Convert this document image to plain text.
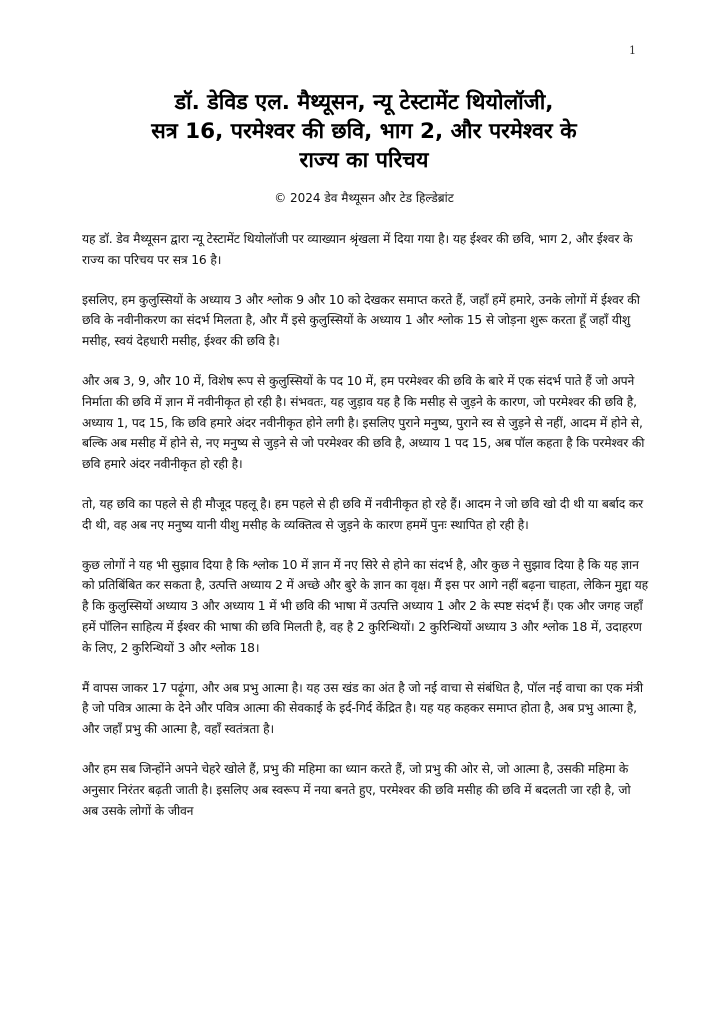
1
डॉ. डेविड एल. मैथ्यूसन, न्यू टेस्टामेंट थियोलॉजी,
सत्र 16, परमेश्वर की छवि, भाग 2, और परमेश्वर के
राज्य का परिचय
© 2024 डेव मैथ्यूसन और टेड हिल्डेब्रांट

यह डॉ. डेव मैथ्यूसन द्वारा न्यू टेस्टामेंट थियोलॉजी पर व्याख्यान श्रृंखला में दिया गया है। यह ईश्वर की छवि, भाग 2, और ईश्वर के राज्य का परिचय पर सत्र 16 है।

इसलिए, हम कुलुस्सियों के अध्याय 3 और श्लोक 9 और 10 को देखकर समाप्त करते हैं, जहाँ हमें हमारे, उनके लोगों में ईश्वर की छवि के नवीनीकरण का संदर्भ मिलता है, और मैं इसे कुलुस्सियों के अध्याय 1 और श्लोक 15 से जोड़ना शुरू करता हूँ जहाँ यीशु मसीह, स्वयं देहधारी मसीह, ईश्वर की छवि है।

और अब 3, 9, और 10 में, विशेष रूप से कुलुस्सियों के पद 10 में, हम परमेश्वर की छवि के बारे में एक संदर्भ पाते हैं जो अपने निर्माता की छवि में ज्ञान में नवीनीकृत हो रही है। संभवतः, यह जुड़ाव यह है कि मसीह से जुड़ने के कारण, जो परमेश्वर की छवि है, अध्याय 1, पद 15, कि छवि हमारे अंदर नवीनीकृत होने लगी है। इसलिए पुराने मनुष्य, पुराने स्व से जुड़ने से नहीं, आदम में होने से, बल्कि अब मसीह में होने से, नए मनुष्य से जुड़ने से जो परमेश्वर की छवि है, अध्याय 1 पद 15, अब पॉल कहता है कि परमेश्वर की छवि हमारे अंदर नवीनीकृत हो रही है।

तो, यह छवि का पहले से ही मौजूद पहलू है। हम पहले से ही छवि में नवीनीकृत हो रहे हैं। आदम ने जो छवि खो दी थी या बर्बाद कर दी थी, वह अब नए मनुष्य यानी यीशु मसीह के व्यक्तित्व से जुड़ने के कारण हममें पुनः स्थापित हो रही है।

कुछ लोगों ने यह भी सुझाव दिया है कि श्लोक 10 में ज्ञान में नए सिरे से होने का संदर्भ है, और कुछ ने सुझाव दिया है कि यह ज्ञान को प्रतिबिंबित कर सकता है, उत्पत्ति अध्याय 2 में अच्छे और बुरे के ज्ञान का वृक्ष। मैं इस पर आगे नहीं बढ़ना चाहता, लेकिन मुद्दा यह है कि कुलुस्सियों अध्याय 3 और अध्याय 1 में भी छवि की भाषा में उत्पत्ति अध्याय 1 और 2 के स्पष्ट संदर्भ हैं। एक और जगह जहाँ हमें पॉलिन साहित्य में ईश्वर की भाषा की छवि मिलती है, वह है 2 कुरिन्थियों। 2 कुरिन्थियों अध्याय 3 और श्लोक 18 में, उदाहरण के लिए, 2 कुरिन्थियों 3 और श्लोक 18।

मैं वापस जाकर 17 पढ़ूंगा, और अब प्रभु आत्मा है। यह उस खंड का अंत है जो नई वाचा से संबंधित है, पॉल नई वाचा का एक मंत्री है जो पवित्र आत्मा के देने और पवित्र आत्मा की सेवकाई के इर्द-गिर्द केंद्रित है। यह यह कहकर समाप्त होता है, अब प्रभु आत्मा है, और जहाँ प्रभु की आत्मा है, वहाँ स्वतंत्रता है।

और हम सब जिन्होंने अपने चेहरे खोले हैं, प्रभु की महिमा का ध्यान करते हैं, जो प्रभु की ओर से, जो आत्मा है, उसकी महिमा के अनुसार निरंतर बढ़ती जाती है। इसलिए अब स्वरूप में नया बनते हुए, परमेश्वर की छवि मसीह की छवि में बदलती जा रही है, जो अब उसके लोगों के जीवन
